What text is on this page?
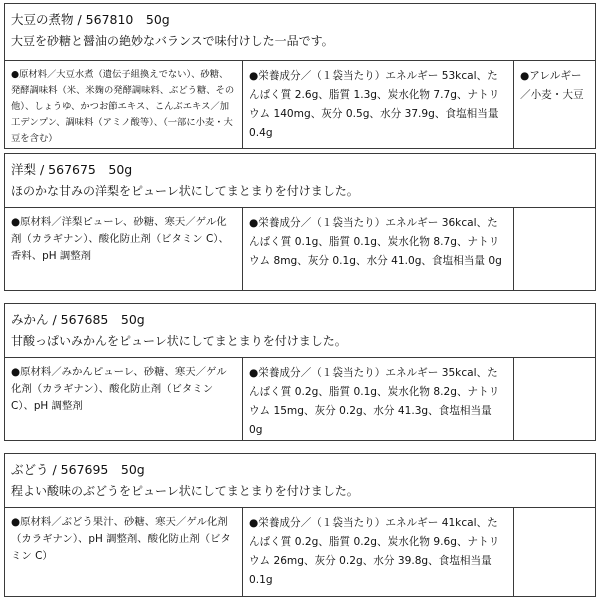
大豆の煮物 / 567810　50g
大豆を砂糖と醤油の絶妙なバランスで味付けした一品です。
●原材料／大豆水煮（遺伝子組換えでない）、砂糖、発酵調味料（米、米麹の発酵調味料、ぶどう糖、その他）、しょうゆ、かつお節エキス、こんぶエキス／加工デンプン、調味料（アミノ酸等）、（一部に小麦・大豆を含む）
●栄養成分／（１袋当たり）エネルギー 53kcal、たんぱく質 2.6g、脂質 1.3g、炭水化物 7.7g、ナトリウム 140mg、灰分 0.5g、水分 37.9g、食塩相当量 0.4g
●アレルギー／小麦・大豆
洋梨 / 567675　50g
ほのかな甘みの洋梨をピューレ状にしてまとまりを付けました。
●原材料／洋梨ピューレ、砂糖、寒天／ゲル化剤（カラギナン）、酸化防止剤（ビタミン C）、香料、pH 調整剤
●栄養成分／（１袋当たり）エネルギー 36kcal、たんぱく質 0.1g、脂質 0.1g、炭水化物 8.7g、ナトリウム 8mg、灰分 0.1g、水分 41.0g、食塩相当量 0g
みかん / 567685　50g
甘酸っぱいみかんをピューレ状にしてまとまりを付けました。
●原材料／みかんピューレ、砂糖、寒天／ゲル化剤（カラギナン）、酸化防止剤（ビタミン C）、pH 調整剤
●栄養成分／（１袋当たり）エネルギー 35kcal、たんぱく質 0.2g、脂質 0.1g、炭水化物 8.2g、ナトリウム 15mg、灰分 0.2g、水分 41.3g、食塩相当量 0g
ぶどう / 567695　50g
程よい酸味のぶどうをピューレ状にしてまとまりを付けました。
●原材料／ぶどう果汁、砂糖、寒天／ゲル化剤（カラギナン）、pH 調整剤、酸化防止剤（ビタミン C）
●栄養成分／（１袋当たり）エネルギー 41kcal、たんぱく質 0.2g、脂質 0.2g、炭水化物 9.6g、ナトリウム 26mg、灰分 0.2g、水分 39.8g、食塩相当量 0.1g
